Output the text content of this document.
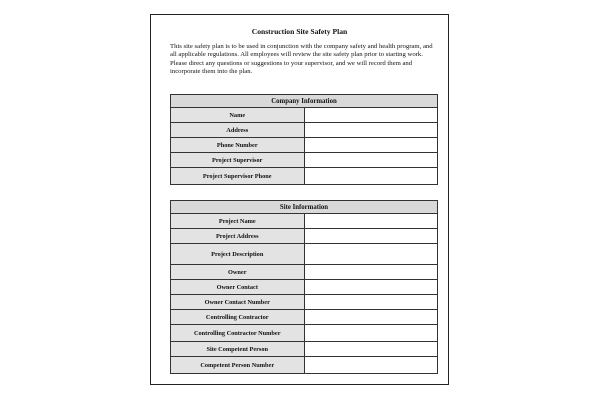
Construction Site Safety Plan

This site safety plan is to be used in conjunction with the company safety and health program, and all applicable regulations. All employees will review the site safety plan prior to starting work. Please direct any questions or suggestions to your supervisor, and we will record them and incorporate them into the plan.

Company Information	
Name	
Address	
Phone Number	
Project Supervisor	
Project Supervisor Phone	
Site Information	
Project Name	
Project Address	
Project Description	
Owner	
Owner Contact	
Owner Contact Number	
Controlling Contractor	
Controlling Contractor Number	
Site Competent Person	
Competent Person Number	
